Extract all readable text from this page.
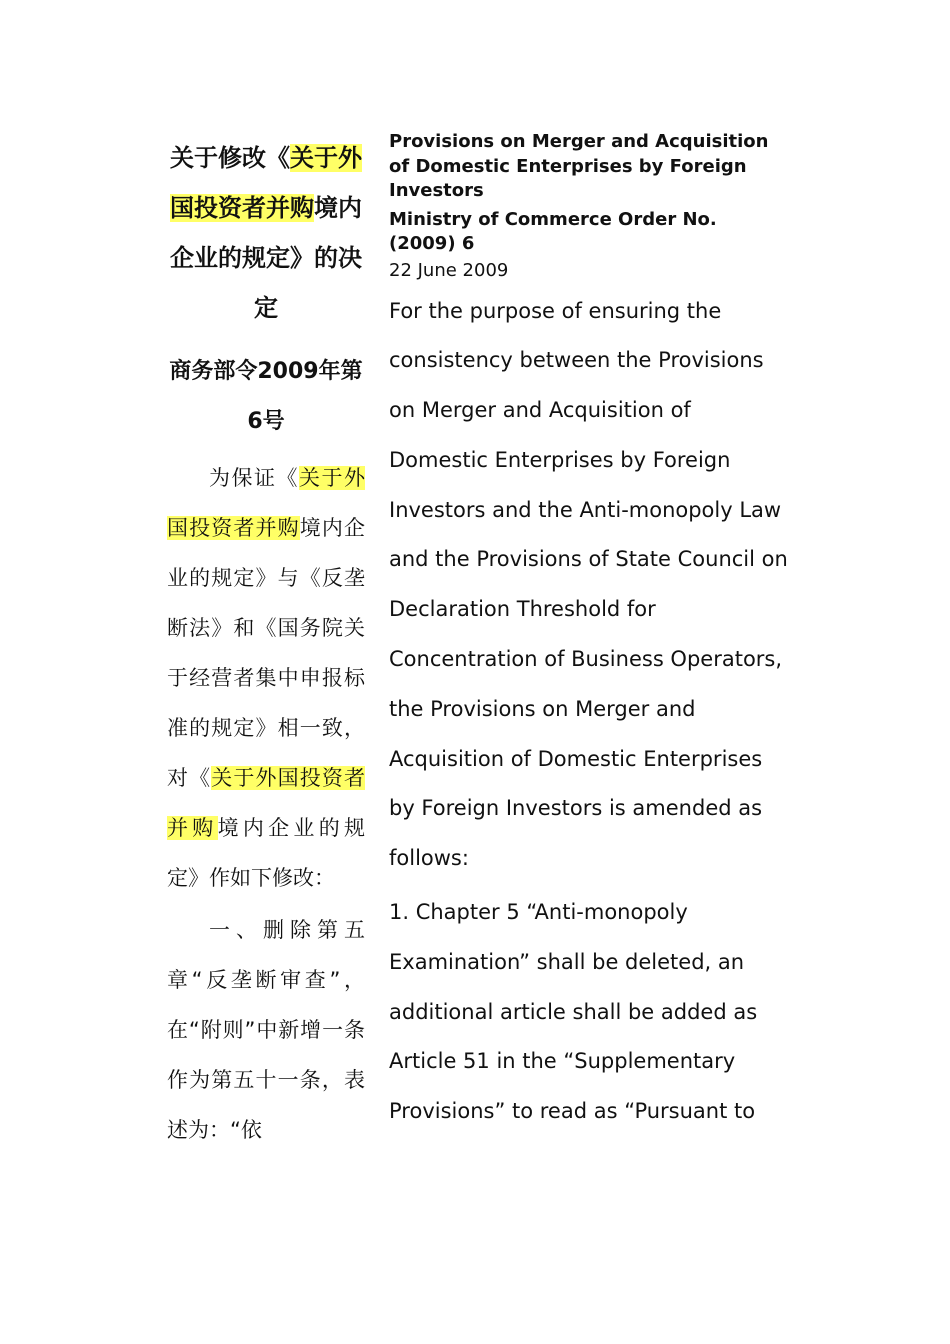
关于修改《关于外国投资者并购境内企业的规定》的决定

商务部令2009年第6号

为保证《关于外国投资者并购境内企业的规定》与《反垄断法》和《国务院关于经营者集中申报标准的规定》相一致，对《关于外国投资者并购境内企业的规定》作如下修改：

一、删除第五章“反垄断审查”，在“附则”中新增一条作为第五十一条，表述为：“依

Provisions on Merger and Acquisition of Domestic Enterprises by Foreign Investors

Ministry of Commerce Order No. (2009) 6

22 June 2009

For the purpose of ensuring the consistency between the Provisions on Merger and Acquisition of Domestic Enterprises by Foreign Investors and the Anti-monopoly Law and the Provisions of State Council on Declaration Threshold for Concentration of Business Operators, the Provisions on Merger and Acquisition of Domestic Enterprises by Foreign Investors is amended as follows:

1. Chapter 5 “Anti-monopoly Examination” shall be deleted, an additional article shall be added as Article 51 in the “Supplementary Provisions” to read as “Pursuant to
